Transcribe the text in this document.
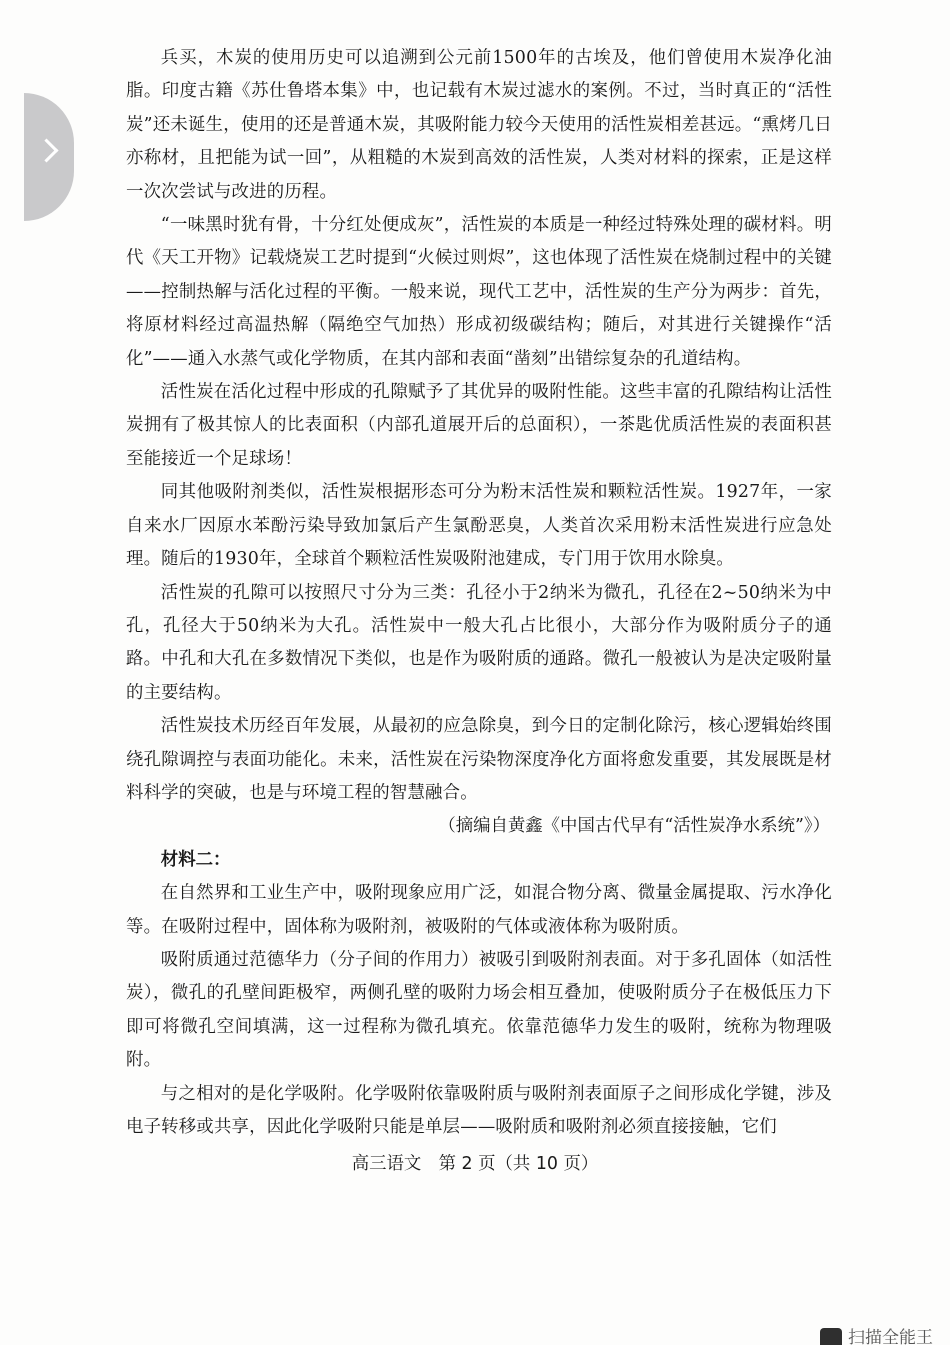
兵买，木炭的使用历史可以追溯到公元前1500年的古埃及，他们曾使用木炭净化油脂。印度古籍《苏仕鲁塔本集》中，也记载有木炭过滤水的案例。不过，当时真正的“活性炭”还未诞生，使用的还是普通木炭，其吸附能力较今天使用的活性炭相差甚远。“熏烤几日亦称材，且把能为试一回”，从粗糙的木炭到高效的活性炭，人类对材料的探索，正是这样一次次尝试与改进的历程。

“一味黑时犹有骨，十分红处便成灰”，活性炭的本质是一种经过特殊处理的碳材料。明代《天工开物》记载烧炭工艺时提到“火候过则烬”，这也体现了活性炭在烧制过程中的关键——控制热解与活化过程的平衡。一般来说，现代工艺中，活性炭的生产分为两步：首先，将原材料经过高温热解（隔绝空气加热）形成初级碳结构；随后，对其进行关键操作“活化”——通入水蒸气或化学物质，在其内部和表面“凿刻”出错综复杂的孔道结构。

活性炭在活化过程中形成的孔隙赋予了其优异的吸附性能。这些丰富的孔隙结构让活性炭拥有了极其惊人的比表面积（内部孔道展开后的总面积），一茶匙优质活性炭的表面积甚至能接近一个足球场！

同其他吸附剂类似，活性炭根据形态可分为粉末活性炭和颗粒活性炭。1927年，一家自来水厂因原水苯酚污染导致加氯后产生氯酚恶臭，人类首次采用粉末活性炭进行应急处理。随后的1930年，全球首个颗粒活性炭吸附池建成，专门用于饮用水除臭。

活性炭的孔隙可以按照尺寸分为三类：孔径小于2纳米为微孔，孔径在2~50纳米为中孔，孔径大于50纳米为大孔。活性炭中一般大孔占比很小，大部分作为吸附质分子的通路。中孔和大孔在多数情况下类似，也是作为吸附质的通路。微孔一般被认为是决定吸附量的主要结构。

活性炭技术历经百年发展，从最初的应急除臭，到今日的定制化除污，核心逻辑始终围绕孔隙调控与表面功能化。未来，活性炭在污染物深度净化方面将愈发重要，其发展既是材料科学的突破，也是与环境工程的智慧融合。

（摘编自黄鑫《中国古代早有“活性炭净水系统”》）

材料二：

在自然界和工业生产中，吸附现象应用广泛，如混合物分离、微量金属提取、污水净化等。在吸附过程中，固体称为吸附剂，被吸附的气体或液体称为吸附质。

吸附质通过范德华力（分子间的作用力）被吸引到吸附剂表面。对于多孔固体（如活性炭），微孔的孔壁间距极窄，两侧孔壁的吸附力场会相互叠加，使吸附质分子在极低压力下即可将微孔空间填满，这一过程称为微孔填充。依靠范德华力发生的吸附，统称为物理吸附。

与之相对的是化学吸附。化学吸附依靠吸附质与吸附剂表面原子之间形成化学键，涉及电子转移或共享，因此化学吸附只能是单层——吸附质和吸附剂必须直接接触，它们

高三语文　第 2 页（共 10 页）
扫描全能王
